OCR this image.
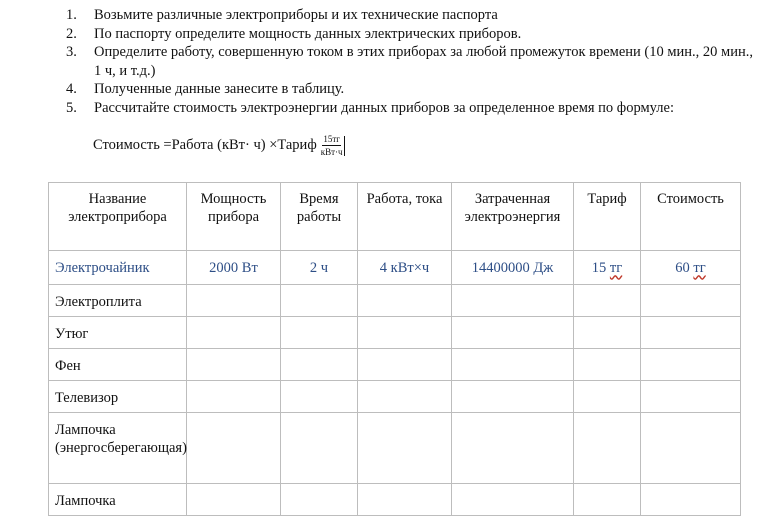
1.	Возьмите различные электроприборы и их технические паспорта
2.	По паспорту определите мощность данных электрических приборов.
3.	Определите работу, совершенную током в этих приборах за любой промежуток времени (10 мин., 20 мин., 1 ч, и т.д.)
4.	Полученные данные занесите в таблицу.
5.	Рассчитайте стоимость электроэнергии данных приборов за определенное время по формуле:
Стоимость =Работа (кВт· ч) ×Тариф $\frac{15тг}{\text{кВт·ч}}$
Название электроприбора	Мощность прибора	Время работы	Работа, тока	Затраченная электроэнергия	Тариф	Стоимость
Электрочайник	2000 Вт	2 ч	4 кВт×ч	14400000 Дж	15 тг	60 тг
Электроплита						
Утюг						
Фен						
Телевизор						
Лампочка (энергосберегающая)						
Лампочка						
